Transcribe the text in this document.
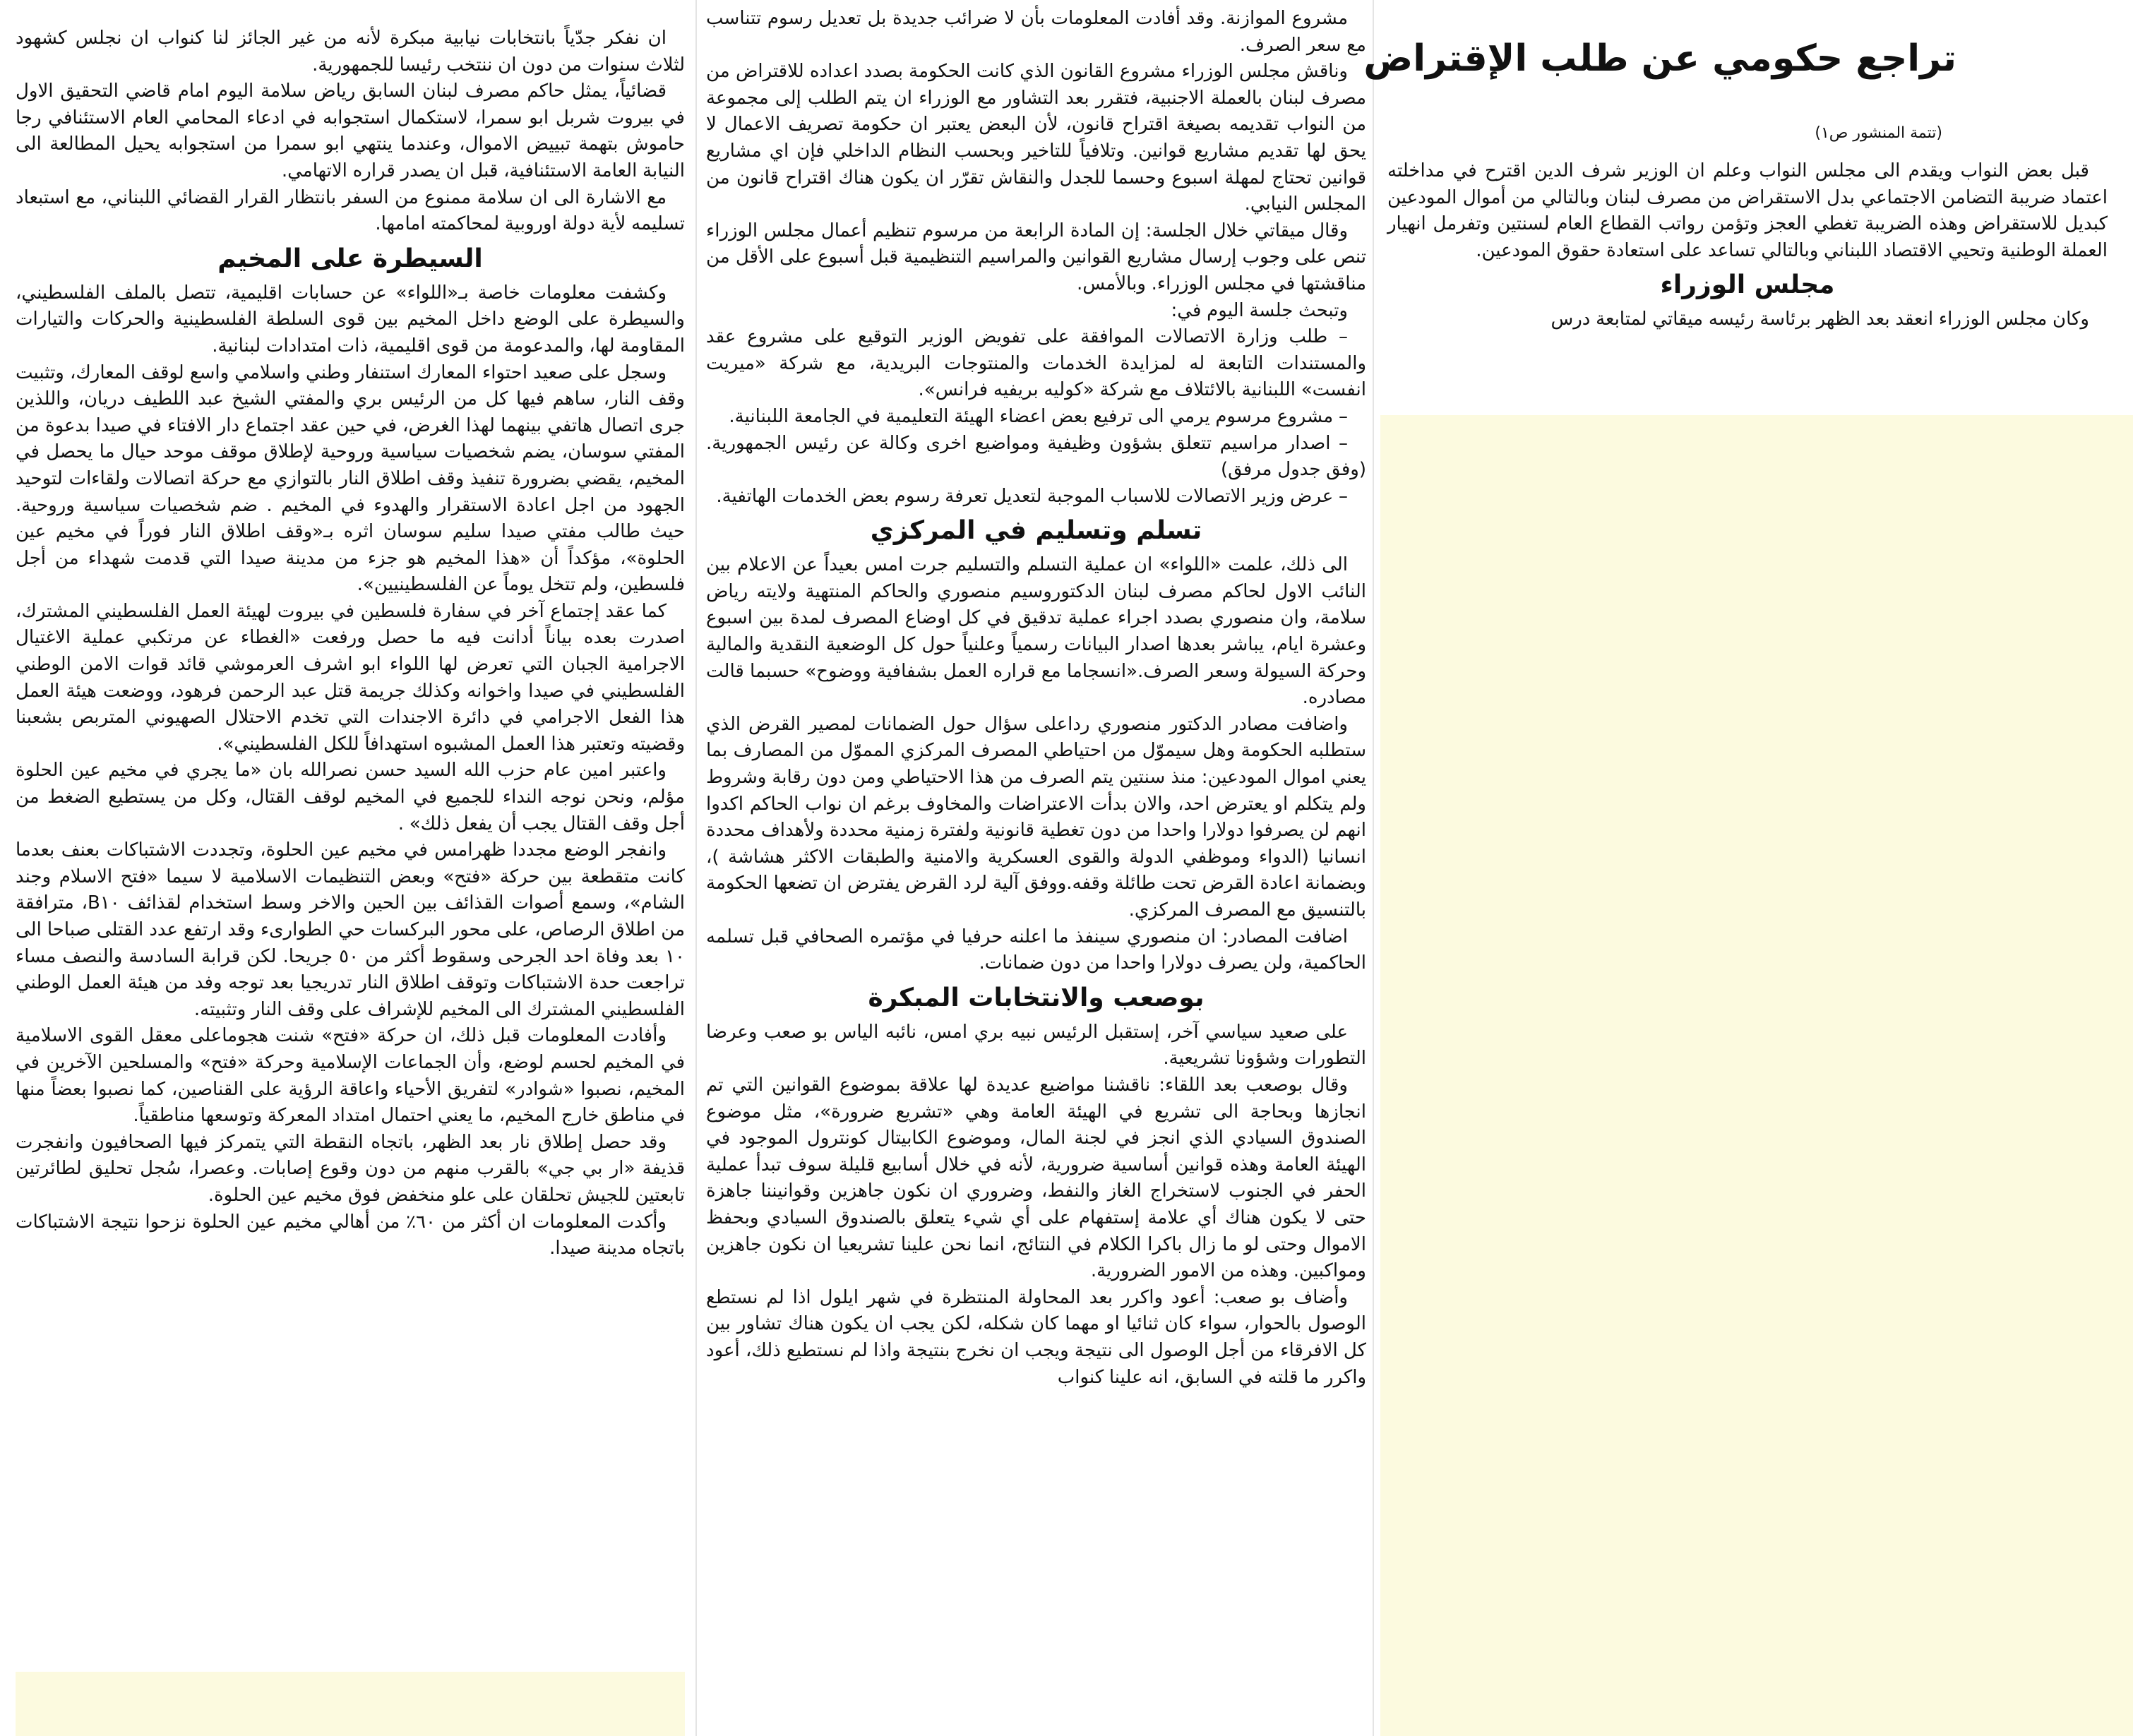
تراجع حكومي عن طلب الإقتراض
(تتمة المنشور ص١)

قبل بعض النواب ويقدم الى مجلس النواب وعلم ان الوزير شرف الدين اقترح في مداخلته اعتماد ضريبة التضامن الاجتماعي بدل الاستقراض من مصرف لبنان وبالتالي من أموال المودعين كبديل للاستقراض وهذه الضريبة تغطي العجز وتؤمن رواتب القطاع العام لسنتين وتفرمل انهيار العملة الوطنية وتحيي الاقتصاد اللبناني وبالتالي تساعد على استعادة حقوق المودعين.

مجلس الوزراء

وكان مجلس الوزراء انعقد بعد الظهر برئاسة رئيسه ميقاتي لمتابعة درس

مشروع الموازنة. وقد أفادت المعلومات بأن لا ضرائب جديدة بل تعديل رسوم تتناسب مع سعر الصرف.

وناقش مجلس الوزراء مشروع القانون الذي كانت الحكومة بصدد اعداده للاقتراض من مصرف لبنان بالعملة الاجنبية، فتقرر بعد التشاور مع الوزراء ان يتم الطلب إلى مجموعة من النواب تقديمه بصيغة اقتراح قانون، لأن البعض يعتبر ان حكومة تصريف الاعمال لا يحق لها تقديم مشاريع قوانين. وتلافياً للتاخير وبحسب النظام الداخلي فإن اي مشاريع قوانين تحتاج لمهلة اسبوع وحسما للجدل والنقاش تقرّر ان يكون هناك اقتراح قانون من المجلس النيابي.

وقال ميقاتي خلال الجلسة: إن المادة الرابعة من مرسوم تنظيم أعمال مجلس الوزراء تنص على وجوب إرسال مشاريع القوانين والمراسيم التنظيمية قبل أسبوع على الأقل من مناقشتها في مجلس الوزراء. وبالأمس.

وتبحث جلسة اليوم في:

– طلب وزارة الاتصالات الموافقة على تفويض الوزير التوقيع على مشروع عقد والمستندات التابعة له لمزايدة الخدمات والمنتوجات البريدية، مع شركة «ميريت انفست» اللبنانية بالائتلاف مع شركة «كوليه بريفيه فرانس».

– مشروع مرسوم يرمي الى ترفيع بعض اعضاء الهيئة التعليمية في الجامعة اللبنانية.

– اصدار مراسيم تتعلق بشؤون وظيفية ومواضيع اخرى وكالة عن رئيس الجمهورية. (وفق جدول مرفق)

– عرض وزير الاتصالات للاسباب الموجبة لتعديل تعرفة رسوم بعض الخدمات الهاتفية.

تسلم وتسليم في المركزي

الى ذلك، علمت «اللواء» ان عملية التسلم والتسليم جرت امس بعيداً عن الاعلام بين النائب الاول لحاكم مصرف لبنان الدكتوروسيم منصوري والحاكم المنتهية ولايته رياض سلامة، وان منصوري بصدد اجراء عملية تدقيق في كل اوضاع المصرف لمدة بين اسبوع وعشرة ايام، يباشر بعدها اصدار البيانات رسمياً وعلنياً حول كل الوضعية النقدية والمالية وحركة السيولة وسعر الصرف.«انسجاما مع قراره العمل بشفافية ووضوح» حسبما قالت مصادره.

واضافت مصادر الدكتور منصوري رداعلى سؤال حول الضمانات لمصير القرض الذي ستطلبه الحكومة وهل سيموّل من احتياطي المصرف المركزي المموّل من المصارف بما يعني اموال المودعين: منذ سنتين يتم الصرف من هذا الاحتياطي ومن دون رقابة وشروط ولم يتكلم او يعترض احد، والان بدأت الاعتراضات والمخاوف برغم ان نواب الحاكم اكدوا انهم لن يصرفوا دولارا واحدا من دون تغطية قانونية ولفترة زمنية محددة ولأهداف محددة انسانيا (الدواء وموظفي الدولة والقوى العسكرية والامنية والطبقات الاكثر هشاشة )، وبضمانة اعادة القرض تحت طائلة وقفه.ووفق آلية لرد القرض يفترض ان تضعها الحكومة بالتنسيق مع المصرف المركزي.

اضافت المصادر: ان منصوري سينفذ ما اعلنه حرفيا في مؤتمره الصحافي قبل تسلمه الحاكمية، ولن يصرف دولارا واحدا من دون ضمانات.

بوصعب والانتخابات المبكرة

على صعيد سياسي آخر، إستقبل الرئيس نبيه بري امس، نائبه الياس بو صعب وعرضا التطورات وشؤونا تشريعية.

وقال بوصعب بعد اللقاء: ناقشنا مواضيع عديدة لها علاقة بموضوع القوانين التي تم انجازها وبحاجة الى تشريع في الهيئة العامة وهي «تشريع ضرورة»، مثل موضوع الصندوق السيادي الذي انجز في لجنة المال، وموضوع الكابيتال كونترول الموجود في الهيئة العامة وهذه قوانين أساسية ضرورية، لأنه في خلال أسابيع قليلة سوف تبدأ عملية الحفر في الجنوب لاستخراج الغاز والنفط، وضروري ان نكون جاهزين وقوانيننا جاهزة حتى لا يكون هناك أي علامة إستفهام على أي شيء يتعلق بالصندوق السيادي وبحفظ الاموال وحتى لو ما زال باكرا الكلام في النتائج، انما نحن علينا تشريعيا ان نكون جاهزين ومواكبين. وهذه من الامور الضرورية.

وأضاف بو صعب: أعود واكرر بعد المحاولة المنتظرة في شهر ايلول اذا لم نستطع الوصول بالحوار، سواء كان ثنائيا او مهما كان شكله، لكن يجب ان يكون هناك تشاور بين كل الافرقاء من أجل الوصول الى نتيجة ويجب ان نخرج بنتيجة واذا لم نستطيع ذلك، أعود واكرر ما قلته في السابق، انه علينا كنواب

ان نفكر جدّياً بانتخابات نيابية مبكرة لأنه من غير الجائز لنا كنواب ان نجلس كشهود لثلاث سنوات من دون ان ننتخب رئيسا للجمهورية.

قضائياً، يمثل حاكم مصرف لبنان السابق رياض سلامة اليوم امام قاضي التحقيق الاول في بيروت شربل ابو سمرا، لاستكمال استجوابه في ادعاء المحامي العام الاستئنافي رجا حاموش بتهمة تبييض الاموال، وعندما ينتهي ابو سمرا من استجوابه يحيل المطالعة الى النيابة العامة الاستئنافية، قبل ان يصدر قراره الاتهامي.

مع الاشارة الى ان سلامة ممنوع من السفر بانتظار القرار القضائي اللبناني، مع استبعاد تسليمه لأية دولة اوروبية لمحاكمته امامها.

السيطرة على المخيم

وكشفت معلومات خاصة بـ«اللواء» عن حسابات اقليمية، تتصل بالملف الفلسطيني، والسيطرة على الوضع داخل المخيم بين قوى السلطة الفلسطينية والحركات والتيارات المقاومة لها، والمدعومة من قوى اقليمية، ذات امتدادات لبنانية.

وسجل على صعيد احتواء المعارك استنفار وطني واسلامي واسع لوقف المعارك، وتثبيت وقف النار، ساهم فيها كل من الرئيس بري والمفتي الشيخ عبد اللطيف دريان، واللذين جرى اتصال هاتفي بينهما لهذا الغرض، في حين عقد اجتماع دار الافتاء في صيدا بدعوة من المفتي سوسان، يضم شخصيات سياسية وروحية لإطلاق موقف موحد حيال ما يحصل في المخيم، يقضي بضرورة تنفيذ وقف اطلاق النار بالتوازي مع حركة اتصالات ولقاءات لتوحيد الجهود من اجل اعادة الاستقرار والهدوء في المخيم . ضم شخصيات سياسية وروحية. حيث طالب مفتي صيدا سليم سوسان اثره بـ«وقف اطلاق النار فوراً في مخيم عين الحلوة»، مؤكداً أن «هذا المخيم هو جزء من مدينة صيدا التي قدمت شهداء من أجل فلسطين، ولم تتخل يوماً عن الفلسطينيين».

كما عقد إجتماع آخر في سفارة فلسطين في بيروت لهيئة العمل الفلسطيني المشترك، اصدرت بعده بياناً أدانت فيه ما حصل ورفعت «الغطاء عن مرتكبي عملية الاغتيال الاجرامية الجبان التي تعرض لها اللواء ابو اشرف العرموشي قائد قوات الامن الوطني الفلسطيني في صيدا واخوانه وكذلك جريمة قتل عبد الرحمن فرهود، ووضعت هيئة العمل هذا الفعل الاجرامي في دائرة الاجندات التي تخدم الاحتلال الصهيوني المتربص بشعبنا وقضيته وتعتبر هذا العمل المشبوه استهدافاً للكل الفلسطيني».

واعتبر امين عام حزب الله السيد حسن نصرالله بان «ما يجري في مخيم عين الحلوة مؤلم، ونحن نوجه النداء للجميع في المخيم لوقف القتال، وكل من يستطيع الضغط من أجل وقف القتال يجب أن يفعل ذلك» .

وانفجر الوضع مجددا ظهرامس في مخيم عين الحلوة، وتجددت الاشتباكات بعنف بعدما كانت متقطعة بين حركة «فتح» وبعض التنظيمات الاسلامية لا سيما «فتح الاسلام وجند الشام»، وسمع أصوات القذائف بين الحين والاخر وسط استخدام لقذائف B١٠، مترافقة من اطلاق الرصاص، على محور البركسات حي الطوارىء وقد ارتفع عدد القتلى صباحا الى ١٠ بعد وفاة احد الجرحى وسقوط أكثر من ٥٠ جريحا. لكن قرابة السادسة والنصف مساء تراجعت حدة الاشتباكات وتوقف اطلاق النار تدريجيا بعد توجه وفد من هيئة العمل الوطني الفلسطيني المشترك الى المخيم للإشراف على وقف النار وتثبيته.

وأفادت المعلومات قبل ذلك، ان حركة «فتح» شنت هجوماعلى معقل القوى الاسلامية في المخيم لحسم لوضع، وأن الجماعات الإسلامية وحركة «فتح» والمسلحين الآخرين في المخيم، نصبوا «شوادر» لتفريق الأحياء واعاقة الرؤية على القناصين، كما نصبوا بعضاً منها في مناطق خارج المخيم، ما يعني احتمال امتداد المعركة وتوسعها مناطقياً.

وقد حصل إطلاق نار بعد الظهر، باتجاه النقطة التي يتمركز فيها الصحافيون وانفجرت قذيفة «ار بي جي» بالقرب منهم من دون وقوع إصابات. وعصرا، سُجل تحليق لطائرتين تابعتين للجيش تحلقان على علو منخفض فوق مخيم عين الحلوة.

وأكدت المعلومات ان أكثر من ٦٠٪ من أهالي مخيم عين الحلوة نزحوا نتيجة الاشتباكات باتجاه مدينة صيدا.
